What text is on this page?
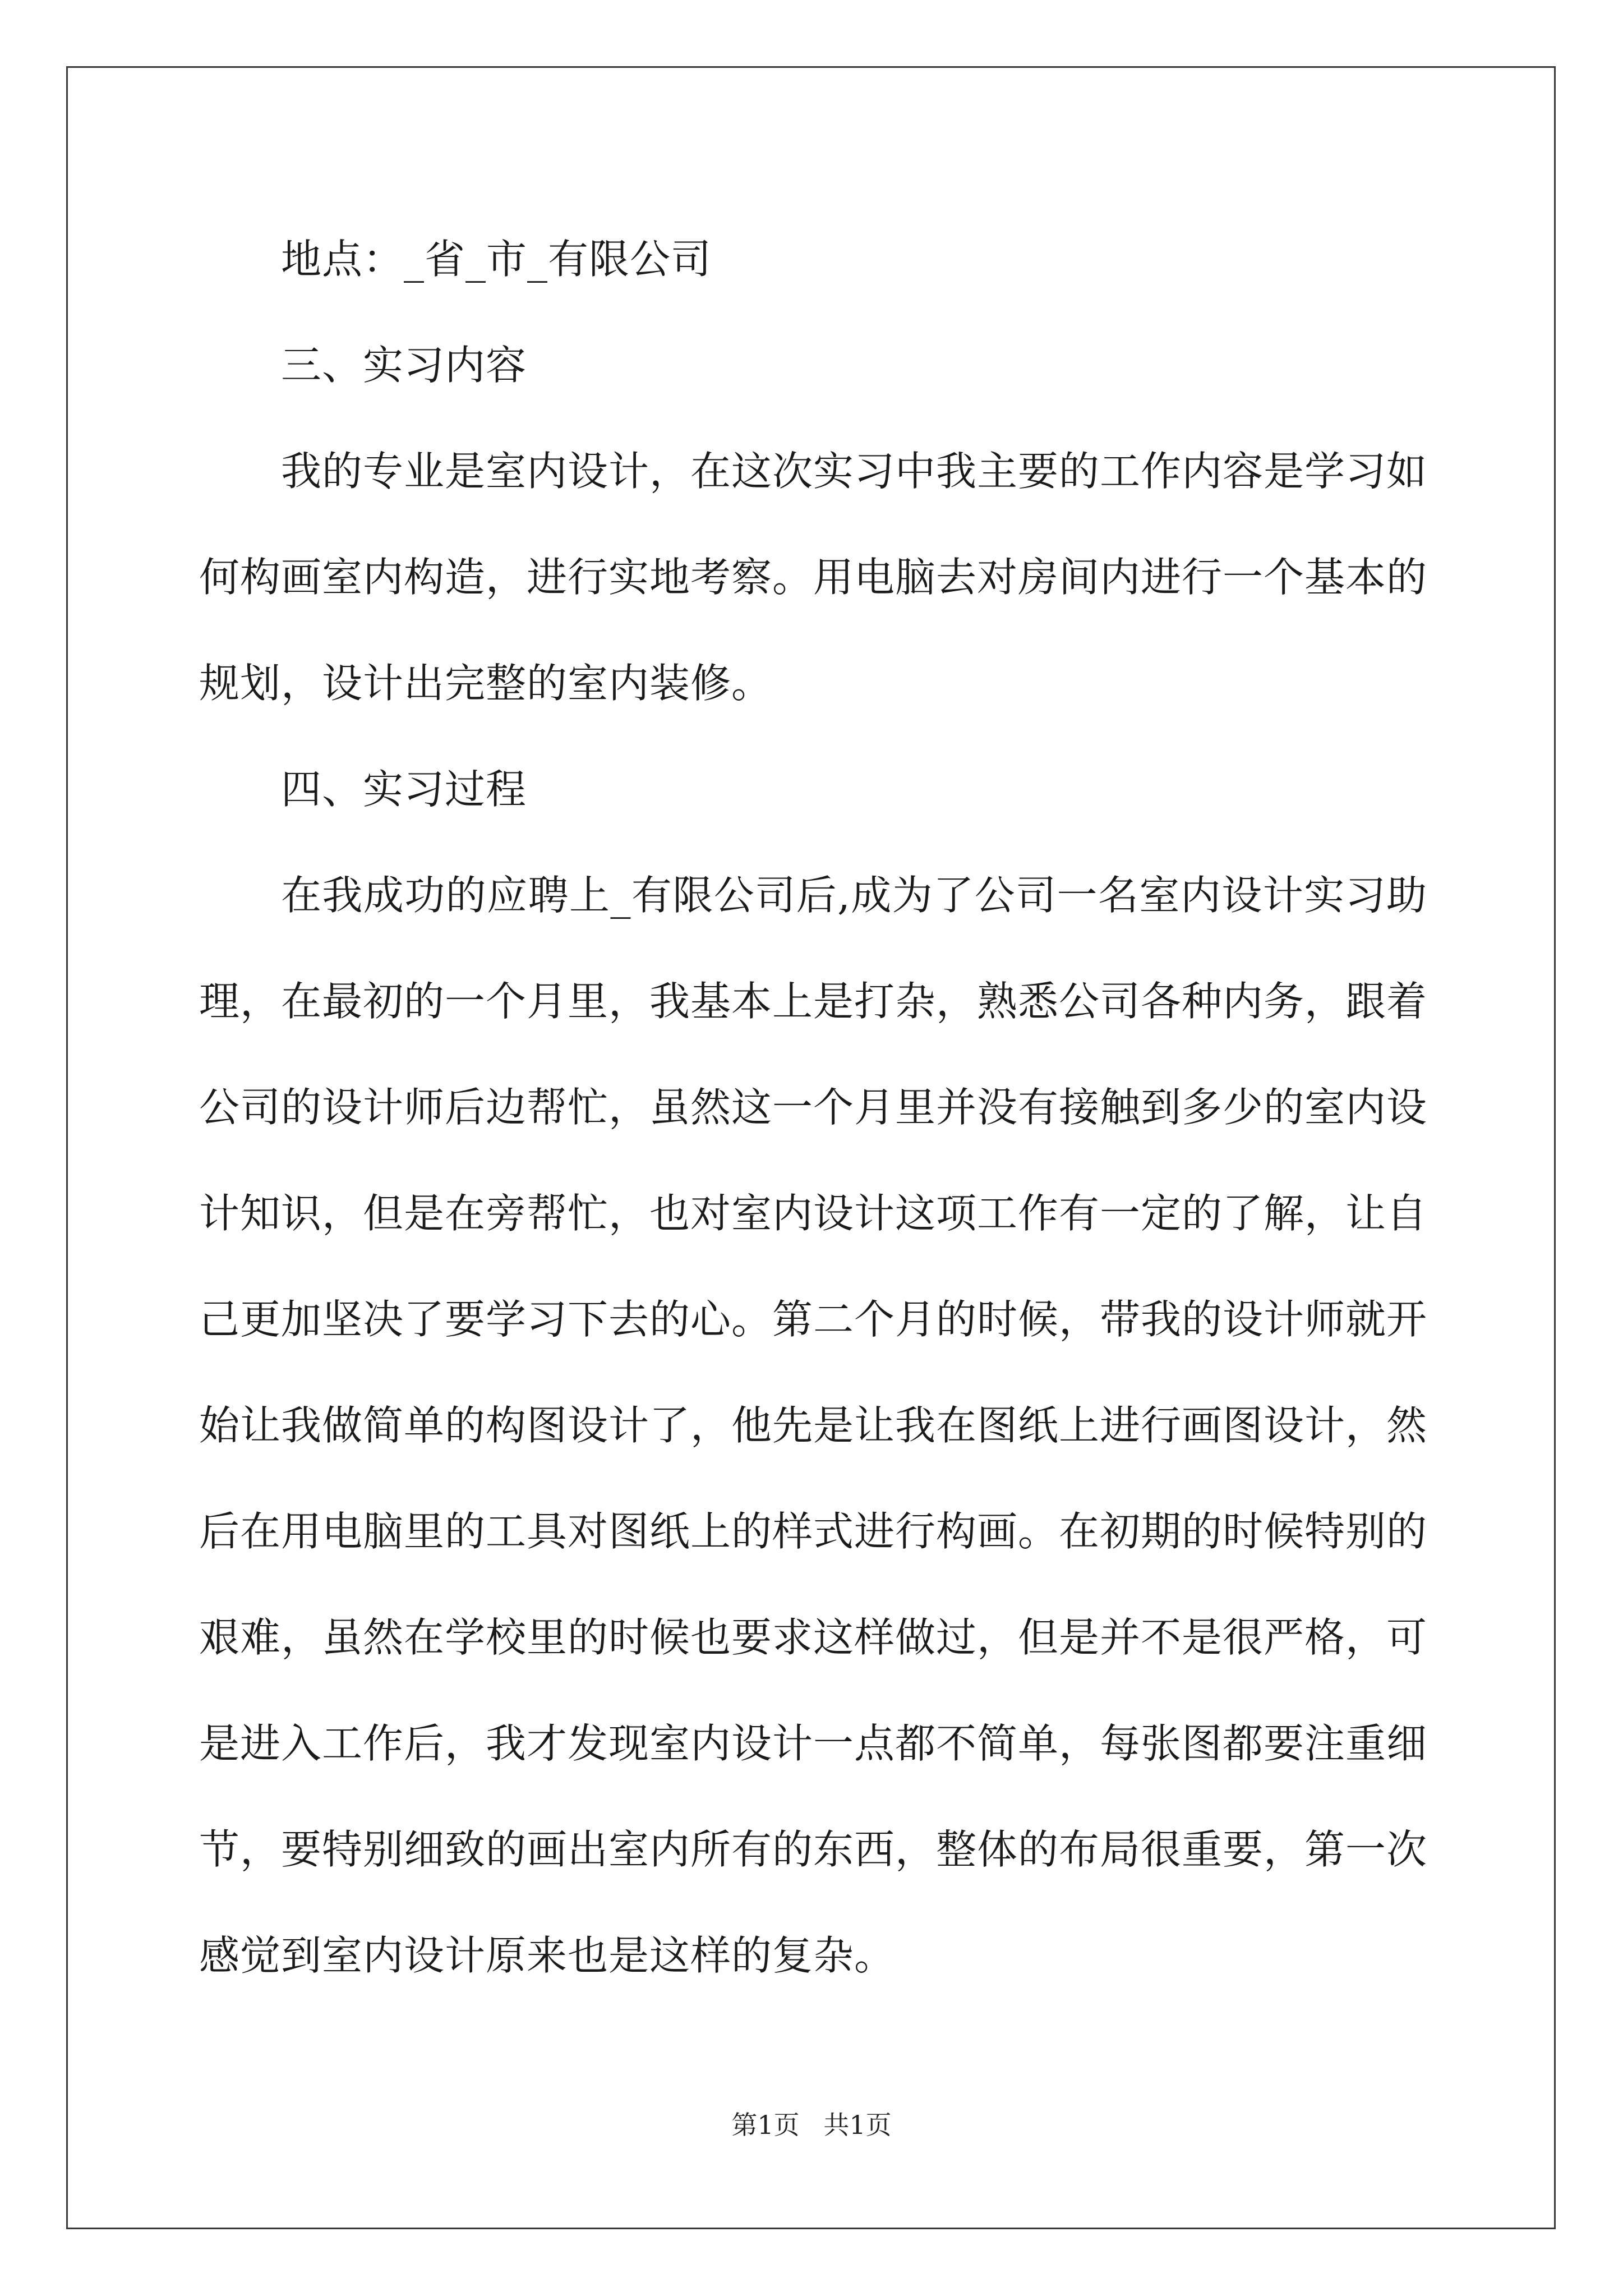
地点：_省_市_有限公司

三、实习内容

我的专业是室内设计，在这次实习中我主要的工作内容是学习如何构画室内构造，进行实地考察。用电脑去对房间内进行一个基本的规划，设计出完整的室内装修。

四、实习过程

在我成功的应聘上_有限公司后,成为了公司一名室内设计实习助理，在最初的一个月里，我基本上是打杂，熟悉公司各种内务，跟着公司的设计师后边帮忙，虽然这一个月里并没有接触到多少的室内设计知识，但是在旁帮忙，也对室内设计这项工作有一定的了解，让自己更加坚决了要学习下去的心。第二个月的时候，带我的设计师就开始让我做简单的构图设计了，他先是让我在图纸上进行画图设计，然后在用电脑里的工具对图纸上的样式进行构画。在初期的时候特别的艰难，虽然在学校里的时候也要求这样做过，但是并不是很严格，可是进入工作后，我才发现室内设计一点都不简单，每张图都要注重细节，要特别细致的画出室内所有的东西，整体的布局很重要，第一次感觉到室内设计原来也是这样的复杂。

第1页 共1页
